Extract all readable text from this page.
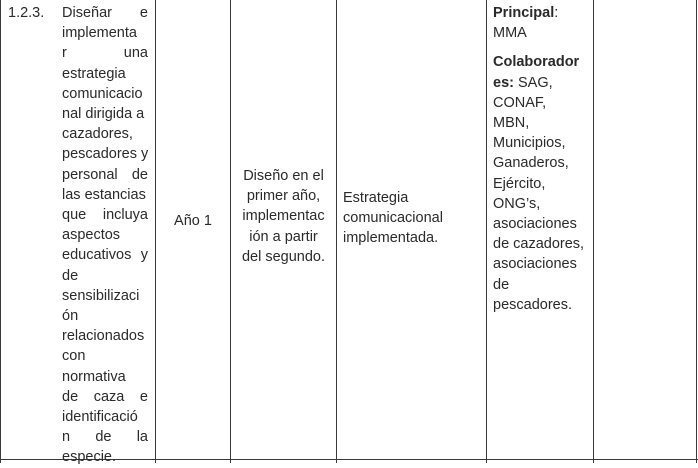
1.2.3. Diseñar e
implementa
r	una
estrategia
comunicacio
nal dirigida a
cazadores,
pescadores y
personal de
las estancias
que incluya
aspectos
educativos y
de
sensibilizaci
ón
relacionados
con
normativa
de caza e
identificació
n de la
especie.
Año 1
Diseño en el
primer año,
implementac
ión a partir
del segundo.
Estrategia
comunicacional
implementada.
Principal:
MMA
Colaborador
es: SAG,
CONAF,
MBN,
Municipios,
Ganaderos,
Ejército,
ONG’s,
asociaciones
de cazadores,
asociaciones
de
pescadores.
